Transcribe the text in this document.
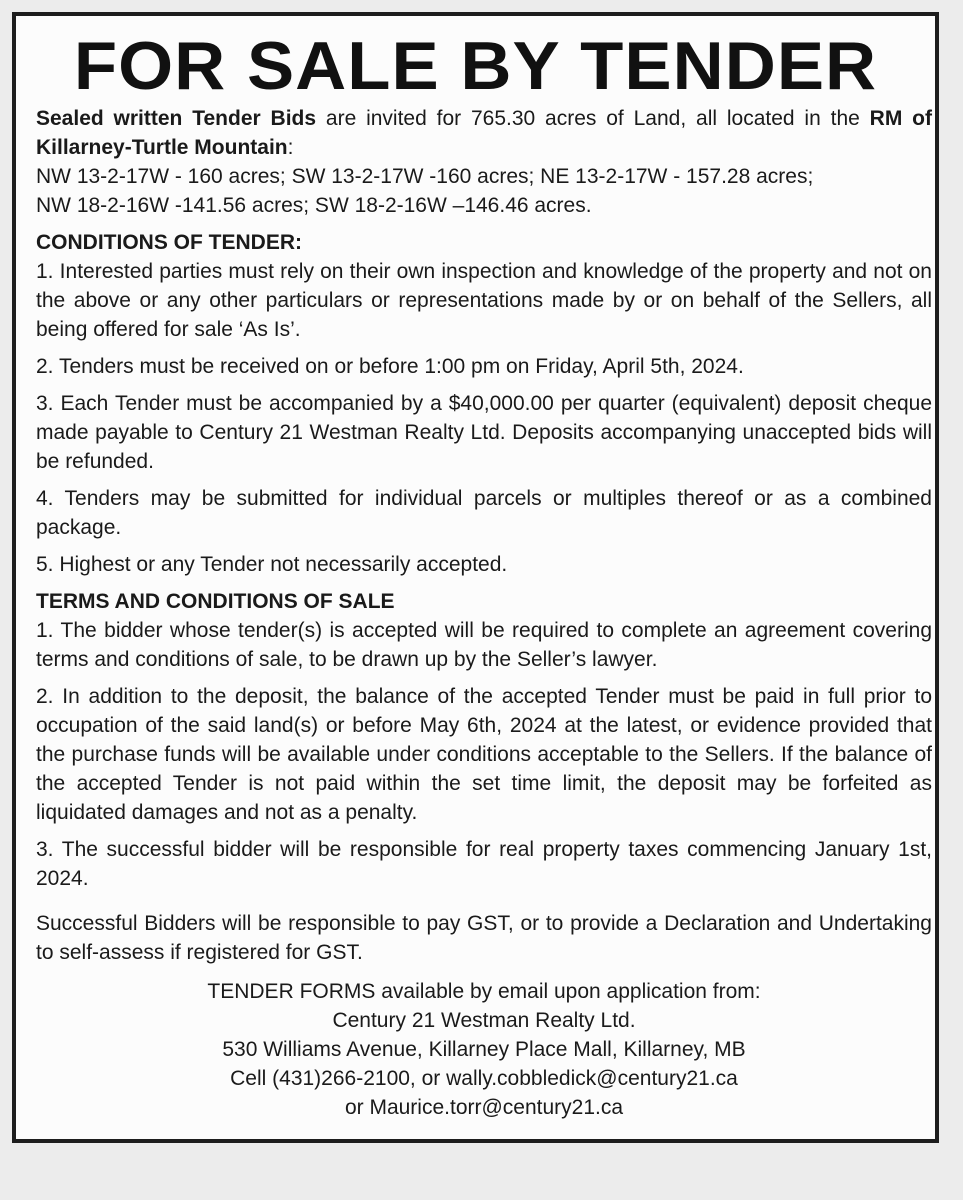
FOR SALE BY TENDER

Sealed written Tender Bids are invited for 765.30 acres of Land, all located in the RM of Killarney-Turtle Mountain:
NW 13-2-17W - 160 acres; SW 13-2-17W -160 acres; NE 13-2-17W - 157.28 acres;
NW 18-2-16W -141.56 acres; SW 18-2-16W –146.46 acres.

CONDITIONS OF TENDER:

1. Interested parties must rely on their own inspection and knowledge of the property and not on the above or any other particulars or representations made by or on behalf of the Sellers, all being offered for sale ‘As Is’.

2. Tenders must be received on or before 1:00 pm on Friday, April 5th, 2024.

3. Each Tender must be accompanied by a $40,000.00 per quarter (equivalent) deposit cheque made payable to Century 21 Westman Realty Ltd. Deposits accompanying unaccepted bids will be refunded.

4. Tenders may be submitted for individual parcels or multiples thereof or as a combined package.

5. Highest or any Tender not necessarily accepted.

TERMS AND CONDITIONS OF SALE

1. The bidder whose tender(s) is accepted will be required to complete an agreement covering terms and conditions of sale, to be drawn up by the Seller’s lawyer.

2. In addition to the deposit, the balance of the accepted Tender must be paid in full prior to occupation of the said land(s) or before May 6th, 2024 at the latest, or evidence provided that the purchase funds will be available under conditions acceptable to the Sellers. If the balance of the accepted Tender is not paid within the set time limit, the deposit may be forfeited as liquidated damages and not as a penalty.

3. The successful bidder will be responsible for real property taxes commencing January 1st, 2024.

Successful Bidders will be responsible to pay GST, or to provide a Declaration and Undertaking to self-assess if registered for GST.

TENDER FORMS available by email upon application from:
Century 21 Westman Realty Ltd.
530 Williams Avenue, Killarney Place Mall, Killarney, MB
Cell (431)266-2100, or wally.cobbledick@century21.ca
or Maurice.torr@century21.ca
